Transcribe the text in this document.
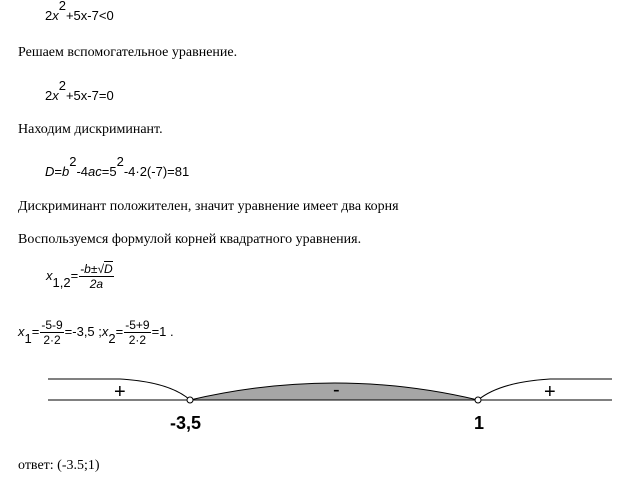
2x2+5x-7<0
Решаем вспомогательное уравнение.
2x2+5x-7=0
Находим дискриминант.
D=b2-4ac=52-4·2(-7)=81
Дискриминант положителен, значит уравнение имеет два корня
Воспользуемся формулой корней квадратного уравнения.
$x1,2= \frac{-b\pm√D}{2a}$
$x1= \frac{-5-9}{2\cdot 2} =-3,5$ ;x2= $\frac{-5+9}{2\cdot 2} =1$ .
+	-	+
-3,5	1
ответ: (-3.5;1)
